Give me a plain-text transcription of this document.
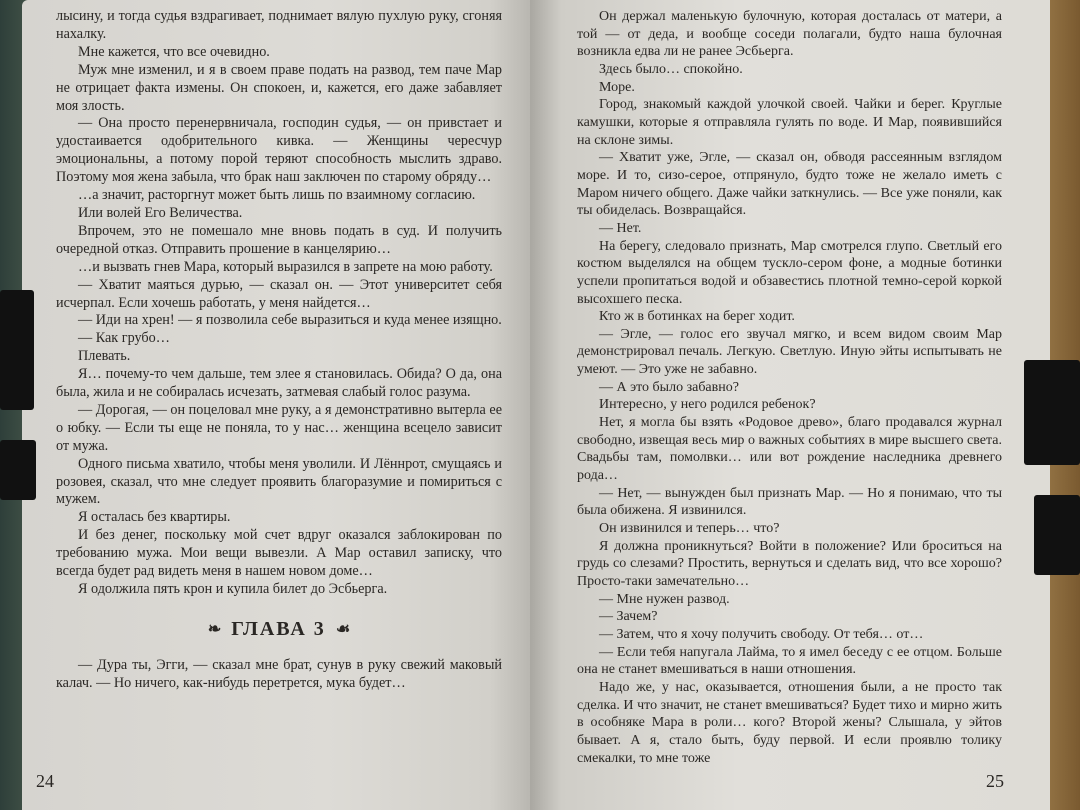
лысину, и тогда судья вздрагивает, поднимает вялую пухлую руку, сгоняя нахалку.

Мне кажется, что все очевидно.

Муж мне изменил, и я в своем праве подать на развод, тем паче Мар не отрицает факта измены. Он спокоен, и, кажется, его даже забавляет моя злость.

— Она просто перенервничала, господин судья, — он привстает и удостаивается одобрительного кивка. — Женщины чересчур эмоциональны, а потому порой теряют способность мыслить здраво. Поэтому моя жена забыла, что брак наш заключен по старому обряду…

…а значит, расторгнут может быть лишь по взаимному согласию.

Или волей Его Величества.

Впрочем, это не помешало мне вновь подать в суд. И получить очередной отказ. Отправить прошение в канцелярию…

…и вызвать гнев Мара, который выразился в запрете на мою работу.

— Хватит маяться дурью, — сказал он. — Этот университет себя исчерпал. Если хочешь работать, у меня найдется…

— Иди на хрен! — я позволила себе выразиться и куда менее изящно.

— Как грубо…

Плевать.

Я… почему-то чем дальше, тем злее я становилась. Обида? О да, она была, жила и не собиралась исчезать, затмевая слабый голос разума.

— Дорогая, — он поцеловал мне руку, а я демонстративно вытерла ее о юбку. — Если ты еще не поняла, то у нас… женщина всецело зависит от мужа.

Одного письма хватило, чтобы меня уволили. И Лённрот, смущаясь и розовея, сказал, что мне следует проявить благоразумие и помириться с мужем.

Я осталась без квартиры.

И без денег, поскольку мой счет вдруг оказался заблокирован по требованию мужа. Мои вещи вывезли. А Мар оставил записку, что всегда будет рад видеть меня в нашем новом доме…

Я одолжила пять крон и купила билет до Эсбьерга.

❧ ГЛАВА 3 ☙

— Дура ты, Эгги, — сказал мне брат, сунув в руку свежий маковый калач. — Но ничего, как-нибудь перетрется, мука будет…

24

Он держал маленькую булочную, которая досталась от матери, а той — от деда, и вообще соседи полагали, будто наша булочная возникла едва ли не ранее Эсбьерга.

Здесь было… спокойно.

Море.

Город, знакомый каждой улочкой своей. Чайки и берег. Круглые камушки, которые я отправляла гулять по воде. И Мар, появившийся на склоне зимы.

— Хватит уже, Эгле, — сказал он, обводя рассеянным взглядом море. И то, сизо-серое, отпрянуло, будто тоже не желало иметь с Маром ничего общего. Даже чайки заткнулись. — Все уже поняли, как ты обиделась. Возвращайся.

— Нет.

На берегу, следовало признать, Мар смотрелся глупо. Светлый его костюм выделялся на общем тускло-сером фоне, а модные ботинки успели пропитаться водой и обзавестись плотной темно-серой коркой высохшего песка.

Кто ж в ботинках на берег ходит.

— Эгле, — голос его звучал мягко, и всем видом своим Мар демонстрировал печаль. Легкую. Светлую. Иную эйты испытывать не умеют. — Это уже не забавно.

— А это было забавно?

Интересно, у него родился ребенок?

Нет, я могла бы взять «Родовое древо», благо продавался журнал свободно, извещая весь мир о важных событиях в мире высшего света. Свадьбы там, помолвки… или вот рождение наследника древнего рода…

— Нет, — вынужден был признать Мар. — Но я понимаю, что ты была обижена. Я извинился.

Он извинился и теперь… что?

Я должна проникнуться? Войти в положение? Или броситься на грудь со слезами? Простить, вернуться и сделать вид, что все хорошо? Просто-таки замечательно…

— Мне нужен развод.

— Зачем?

— Затем, что я хочу получить свободу. От тебя… от…

— Если тебя напугала Лайма, то я имел беседу с ее отцом. Больше она не станет вмешиваться в наши отношения.

Надо же, у нас, оказывается, отношения были, а не просто так сделка. И что значит, не станет вмешиваться? Будет тихо и мирно жить в особняке Мара в роли… кого? Второй жены? Слышала, у эйтов бывает. А я, стало быть, буду первой. И если проявлю толику смекалки, то мне тоже

25
